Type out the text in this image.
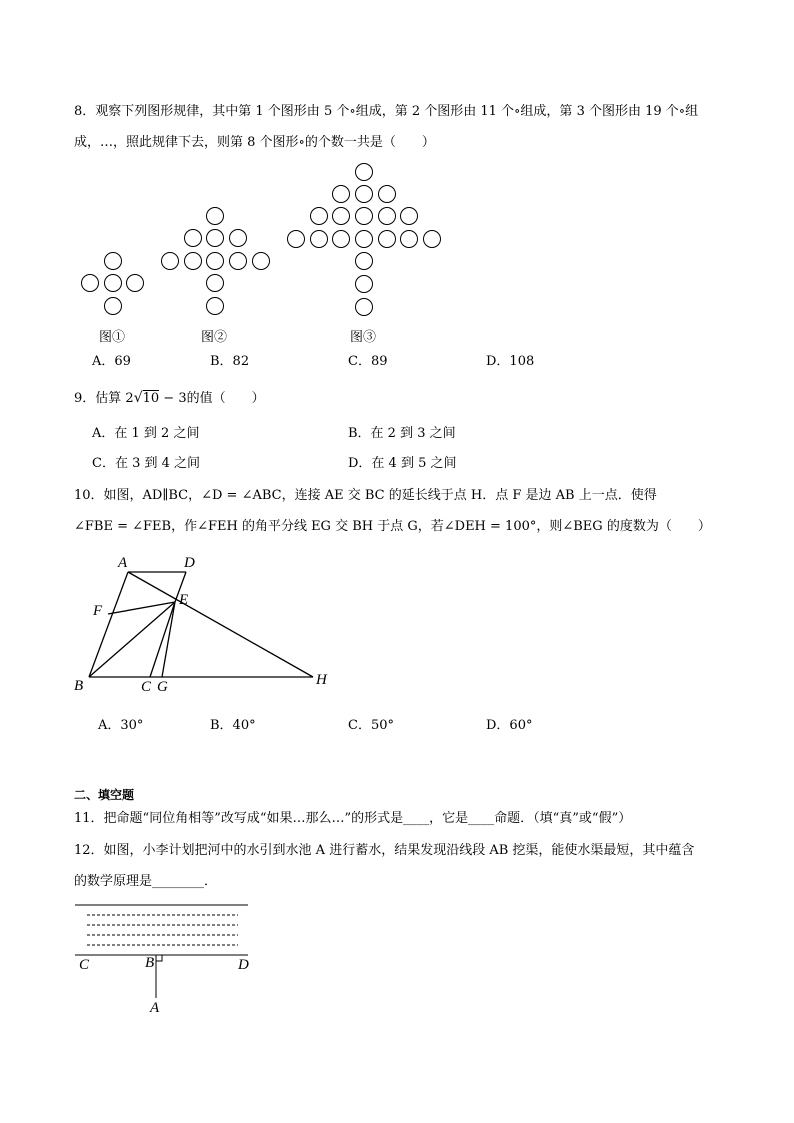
8．观察下列图形规律，其中第 1 个图形由 5 个∘组成，第 2 个图形由 11 个∘组成，第 3 个图形由 19 个∘组
成，…，照此规律下去，则第 8 个图形∘的个数一共是（　　）
图①	图②	图③
A．69	B．82	C．89	D．108
9．估算 2√10 − 3的值（　　）
A．在 1 到 2 之间	B．在 2 到 3 之间
C．在 3 到 4 之间	D．在 4 到 5 之间
10．如图，AD∥BC，∠D = ∠ABC，连接 AE 交 BC 的延长线于点 H．点 F 是边 AB 上一点．使得
∠FBE = ∠FEB，作∠FEH 的角平分线 EG 交 BH 于点 G，若∠DEH = 100°，则∠BEG 的度数为（　　）
A	D
E
F
B	C G	H
A．30°	B．40°	C．50°	D．60°
二、填空题
11．把命题“同位角相等”改写成“如果…那么…”的形式是____，它是____命题．（填“真”或“假”）
12．如图，小李计划把河中的水引到水池 A 进行蓄水，结果发现沿线段 AB 挖渠，能使水渠最短，其中蕴含
的数学原理是________．
C	B	D
A
